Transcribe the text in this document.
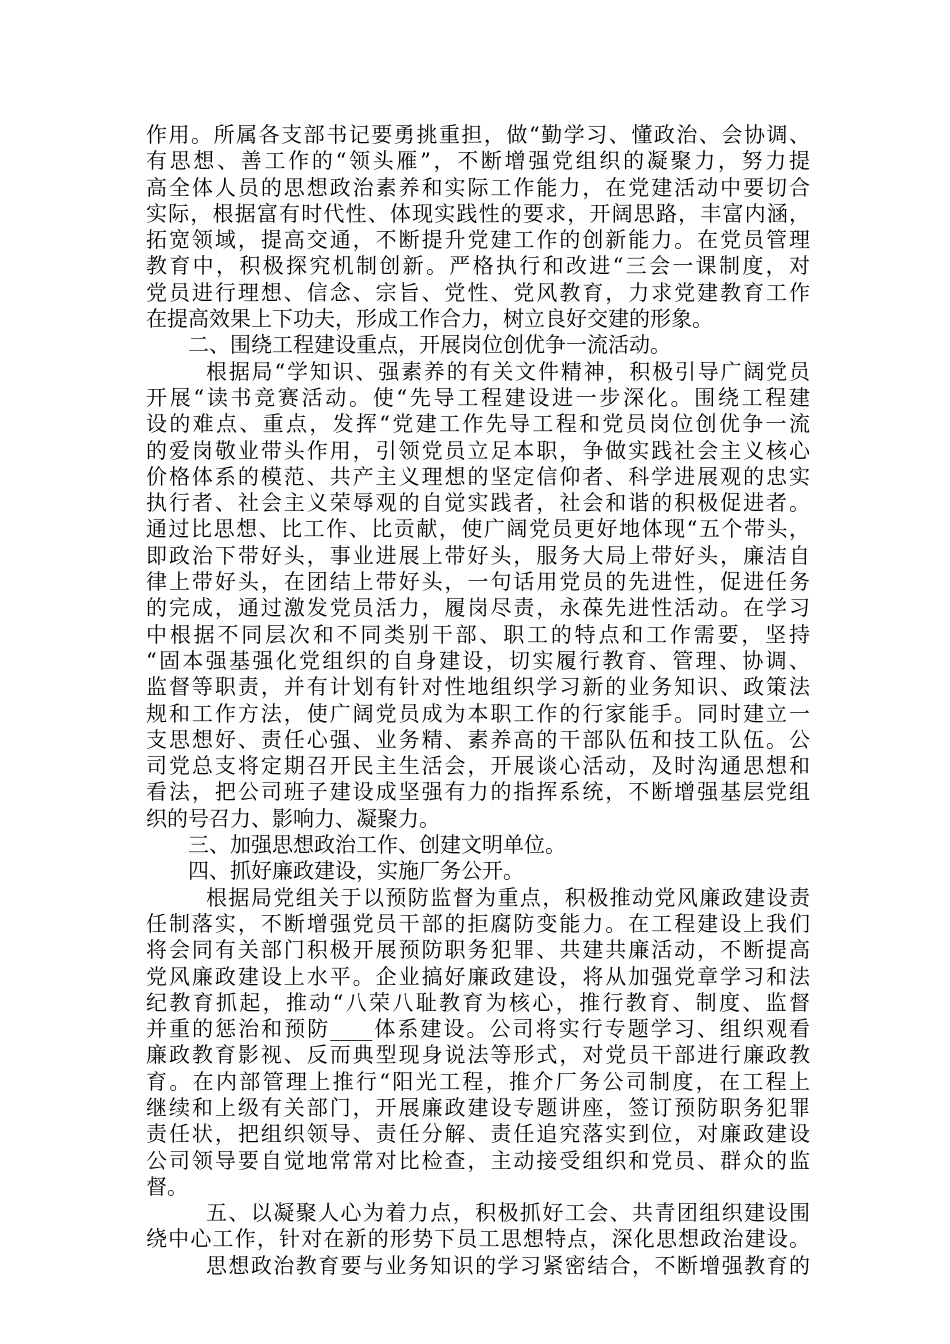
作用。所属各支部书记要勇挑重担，做“勤学习、懂政治、会协调、
有思想、善工作的“领头雁”，不断增强党组织的凝聚力，努力提
高全体人员的思想政治素养和实际工作能力，在党建活动中要切合
实际，根据富有时代性、体现实践性的要求，开阔思路，丰富内涵，
拓宽领域，提高交通，不断提升党建工作的创新能力。在党员管理
教育中，积极探究机制创新。严格执行和改进“三会一课制度，对
党员进行理想、信念、宗旨、党性、党风教育，力求党建教育工作
在提高效果上下功夫，形成工作合力，树立良好交建的形象。
二、围绕工程建设重点，开展岗位创优争一流活动。
根据局“学知识、强素养的有关文件精神，积极引导广阔党员
开展“读书竞赛活动。使“先导工程建设进一步深化。围绕工程建
设的难点、重点，发挥“党建工作先导工程和党员岗位创优争一流
的爱岗敬业带头作用，引领党员立足本职，争做实践社会主义核心
价格体系的模范、共产主义理想的坚定信仰者、科学进展观的忠实
执行者、社会主义荣辱观的自觉实践者，社会和谐的积极促进者。
通过比思想、比工作、比贡献，使广阔党员更好地体现“五个带头，
即政治下带好头，事业进展上带好头，服务大局上带好头，廉洁自
律上带好头，在团结上带好头，一句话用党员的先进性，促进任务
的完成，通过激发党员活力，履岗尽责，永葆先进性活动。在学习
中根据不同层次和不同类别干部、职工的特点和工作需要，坚持
“固本强基强化党组织的自身建设，切实履行教育、管理、协调、
监督等职责，并有计划有针对性地组织学习新的业务知识、政策法
规和工作方法，使广阔党员成为本职工作的行家能手。同时建立一
支思想好、责任心强、业务精、素养高的干部队伍和技工队伍。公
司党总支将定期召开民主生活会，开展谈心活动，及时沟通思想和
看法，把公司班子建设成坚强有力的指挥系统，不断增强基层党组
织的号召力、影响力、凝聚力。
三、加强思想政治工作、创建文明单位。
四、抓好廉政建设，实施厂务公开。
根据局党组关于以预防监督为重点，积极推动党风廉政建设责
任制落实，不断增强党员干部的拒腐防变能力。在工程建设上我们
将会同有关部门积极开展预防职务犯罪、共建共廉活动，不断提高
党风廉政建设上水平。企业搞好廉政建设，将从加强党章学习和法
纪教育抓起，推动“八荣八耻教育为核心，推行教育、制度、监督
并重的惩治和预防____体系建设。公司将实行专题学习、组织观看
廉政教育影视、反而典型现身说法等形式，对党员干部进行廉政教
育。在内部管理上推行“阳光工程，推介厂务公司制度，在工程上
继续和上级有关部门，开展廉政建设专题讲座，签订预防职务犯罪
责任状，把组织领导、责任分解、责任追究落实到位，对廉政建设
公司领导要自觉地常常对比检查，主动接受组织和党员、群众的监
督。
五、以凝聚人心为着力点，积极抓好工会、共青团组织建设围
绕中心工作，针对在新的形势下员工思想特点，深化思想政治建设。
思想政治教育要与业务知识的学习紧密结合，不断增强教育的
